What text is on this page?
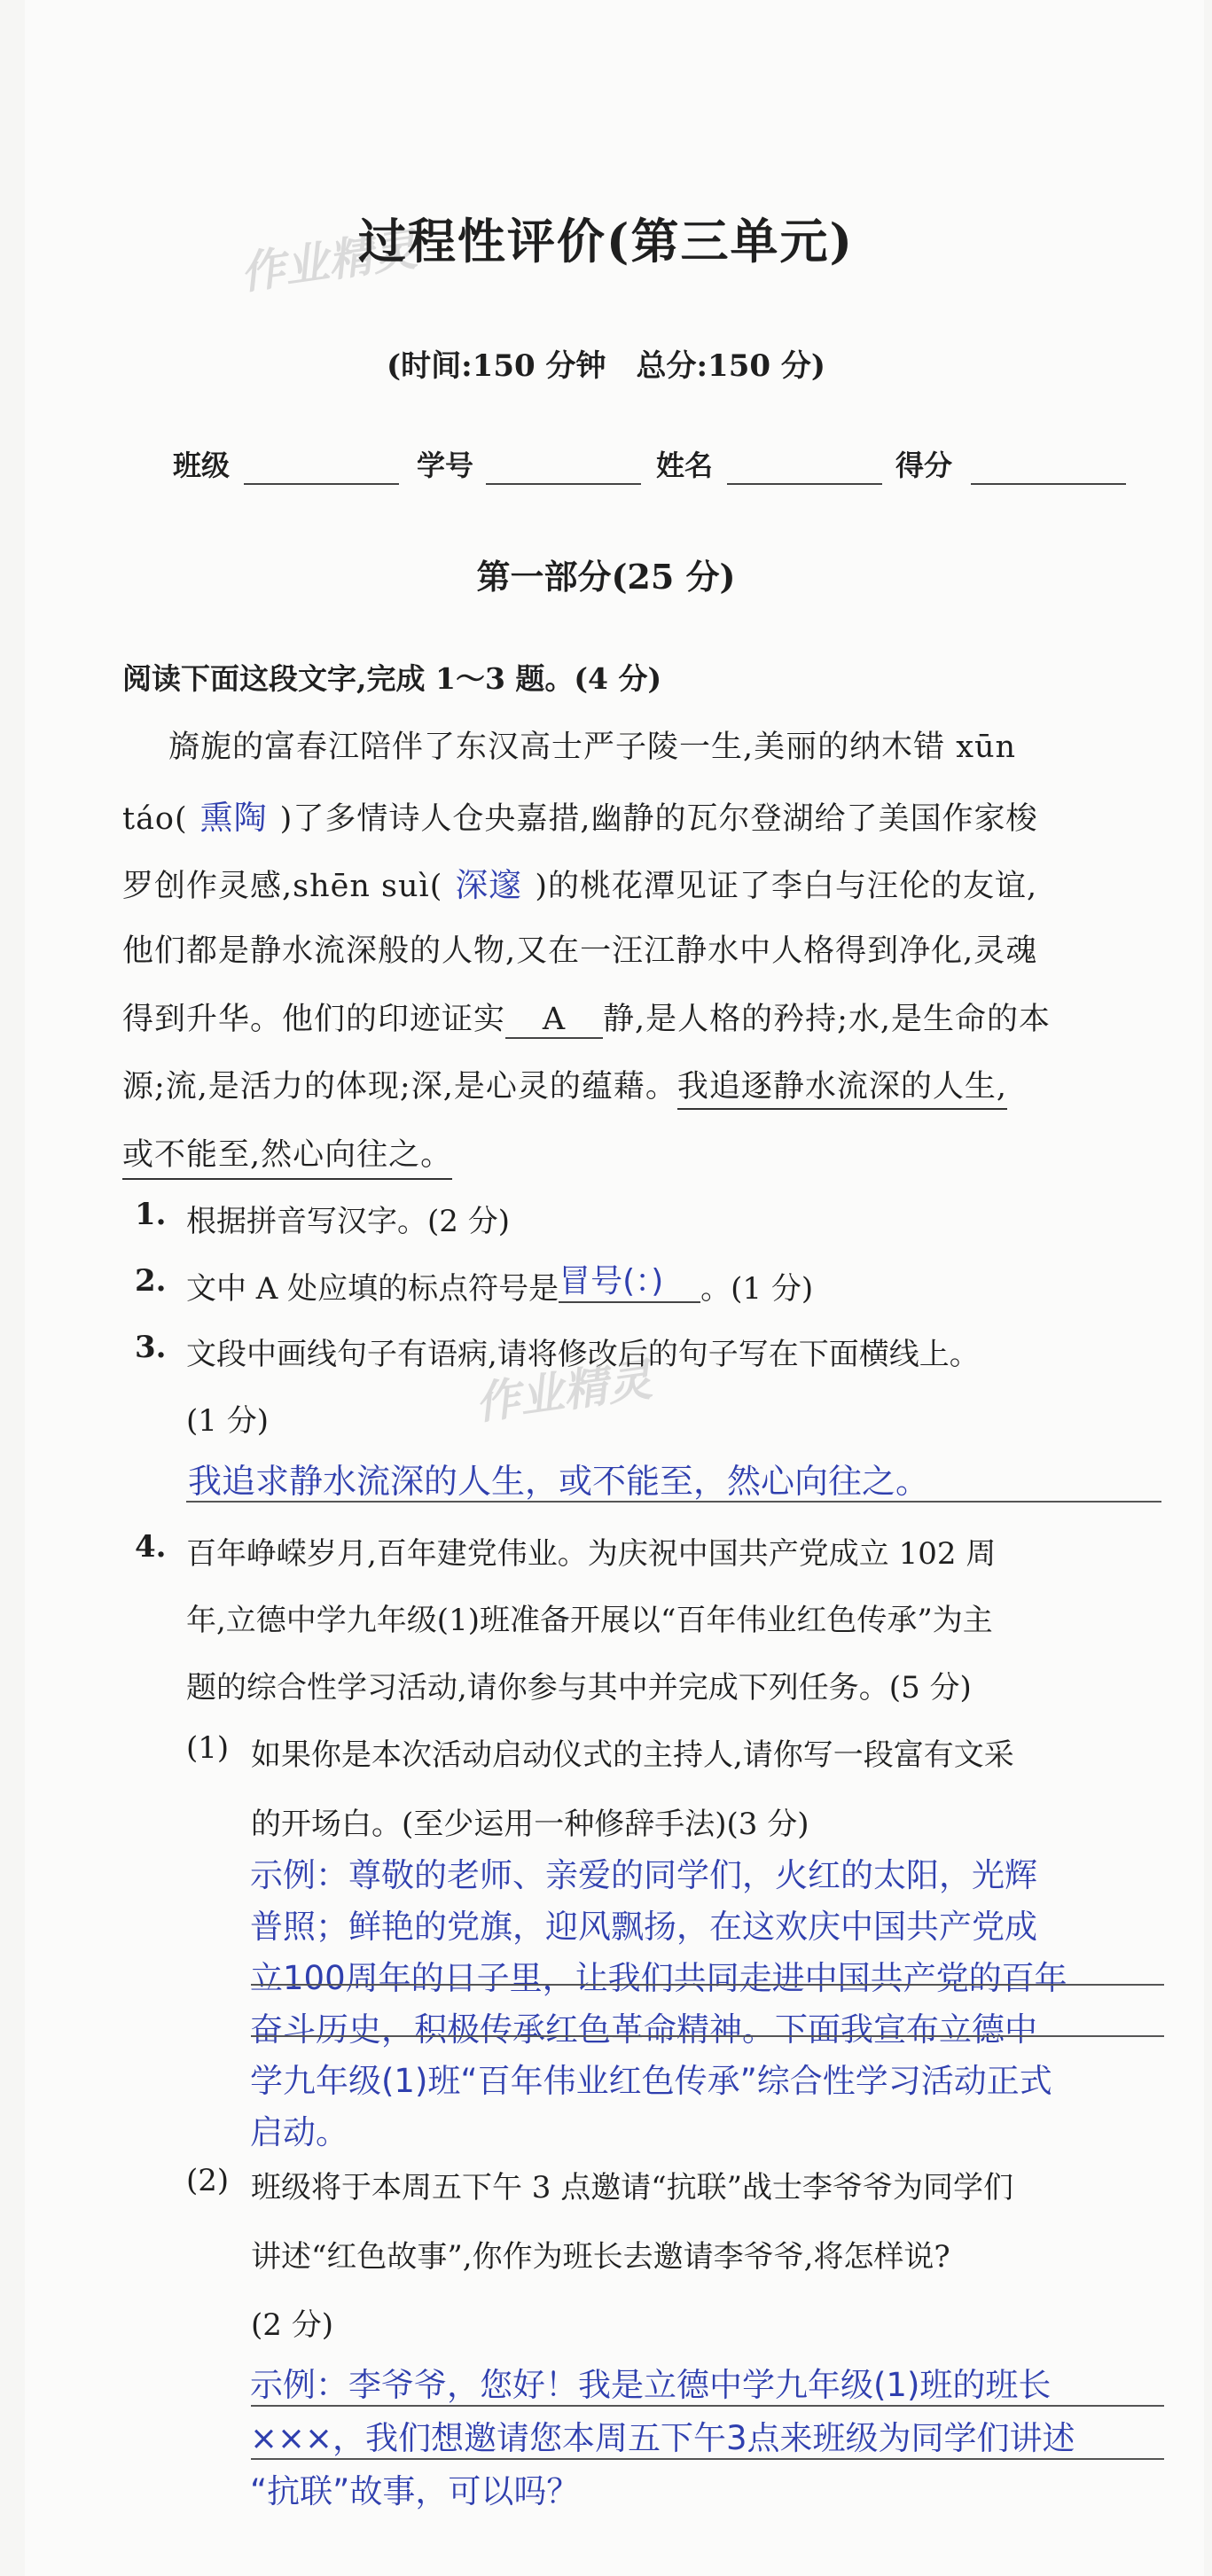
作业精灵
作业精灵
过程性评价(第三单元)
(时间:150 分钟　总分:150 分)
班级	学号	姓名	得分
第一部分(25 分)
阅读下面这段文字,完成 1～3 题。(4 分)
旖旎的富春江陪伴了东汉高士严子陵一生,美丽的纳木错 xūn
táo( 熏陶 )了多情诗人仓央嘉措,幽静的瓦尔登湖给了美国作家梭
罗创作灵感,shēn suì( 深邃 )的桃花潭见证了李白与汪伦的友谊,
他们都是静水流深般的人物,又在一汪江静水中人格得到净化,灵魂
得到升华。他们的印迹证实 A 静,是人格的矜持;水,是生命的本
源;流,是活力的体现;深,是心灵的蕴藉。我追逐静水流深的人生,
或不能至,然心向往之。
1. 根据拼音写汉字。(2 分)
2. 文中 A 处应填的标点符号是冒号(：) 。(1 分)
3. 文段中画线句子有语病,请将修改后的句子写在下面横线上。
(1 分)
我追求静水流深的人生，或不能至，然心向往之。
4. 百年峥嵘岁月,百年建党伟业。为庆祝中国共产党成立 102 周
年,立德中学九年级(1)班准备开展以“百年伟业红色传承”为主
题的综合性学习活动,请你参与其中并完成下列任务。(5 分)
(1) 如果你是本次活动启动仪式的主持人,请你写一段富有文采
的开场白。(至少运用一种修辞手法)(3 分)
示例：尊敬的老师、亲爱的同学们，火红的太阳，光辉
普照；鲜艳的党旗，迎风飘扬，在这欢庆中国共产党成
立100周年的日子里，让我们共同走进中国共产党的百年
奋斗历史，积极传承红色革命精神。下面我宣布立德中
学九年级(1)班“百年伟业红色传承”综合性学习活动正式
启动。
(2) 班级将于本周五下午 3 点邀请“抗联”战士李爷爷为同学们
讲述“红色故事”,你作为班长去邀请李爷爷,将怎样说?
(2 分)
示例：李爷爷，您好！我是立德中学九年级(1)班的班长
×××，我们想邀请您本周五下午3点来班级为同学们讲述
“抗联”故事，可以吗？
